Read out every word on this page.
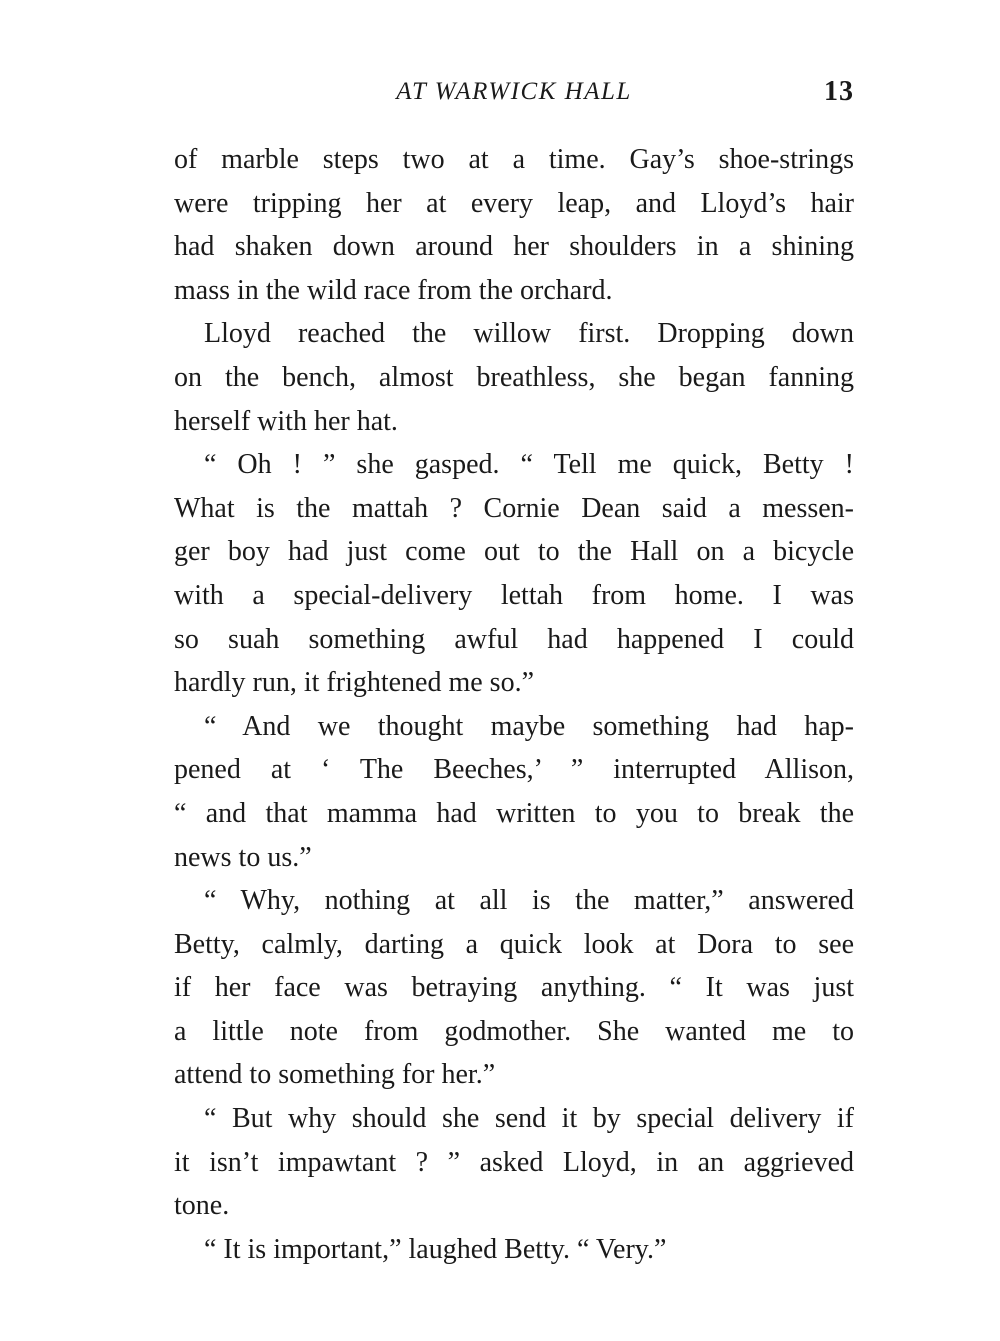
AT WARWICK HALL	13
of marble steps two at a time. Gay’s shoe-strings
were tripping her at every leap, and Lloyd’s hair
had shaken down around her shoulders in a shining
mass in the wild race from the orchard.
Lloyd reached the willow first. Dropping down
on the bench, almost breathless, she began fanning
herself with her hat.
“ Oh ! ” she gasped. “ Tell me quick, Betty !
What is the mattah ? Cornie Dean said a messen-
ger boy had just come out to the Hall on a bicycle
with a special-delivery lettah from home. I was
so suah something awful had happened I could
hardly run, it frightened me so.”
“ And we thought maybe something had hap-
pened at ‘ The Beeches,’ ” interrupted Allison,
“ and that mamma had written to you to break the
news to us.”
“ Why, nothing at all is the matter,” answered
Betty, calmly, darting a quick look at Dora to see
if her face was betraying anything. “ It was just
a little note from godmother. She wanted me to
attend to something for her.”
“ But why should she send it by special delivery if
it isn’t impawtant ? ” asked Lloyd, in an aggrieved
tone.
“ It is important,” laughed Betty. “ Very.”
